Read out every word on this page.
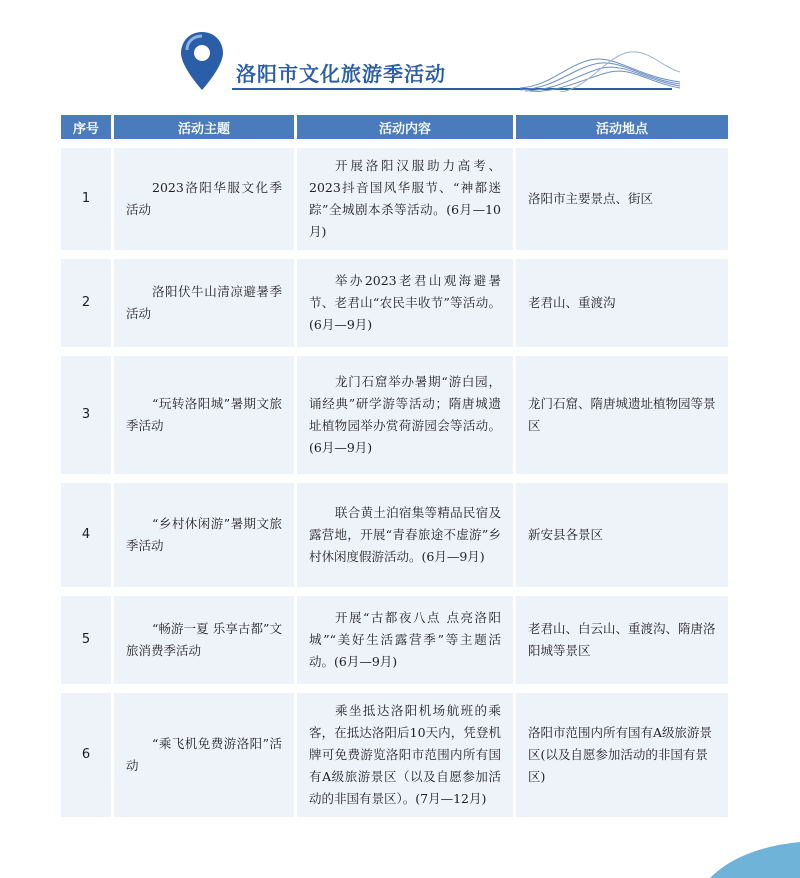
洛阳市文化旅游季活动
序号	活动主题	活动内容	活动地点

1	2023洛阳华服文化季活动	开展洛阳汉服助力高考、2023抖音国风华服节、“神都迷踪”全城剧本杀等活动。(6月—10月)	洛阳市主要景点、街区

2	洛阳伏牛山清凉避暑季活动	举办2023老君山观海避暑节、老君山“农民丰收节”等活动。(6月—9月)	老君山、重渡沟

3	“玩转洛阳城”暑期文旅季活动	龙门石窟举办暑期“游白园，诵经典”研学游等活动；隋唐城遗址植物园举办赏荷游园会等活动。(6月—9月)	龙门石窟、隋唐城遗址植物园等景区

4	“乡村休闲游”暑期文旅季活动	联合黄土泊宿集等精品民宿及露营地，开展“青春旅途不虚游”乡村休闲度假游活动。(6月—9月)	新安县各景区

5	“畅游一夏 乐享古都”文旅消费季活动	开展“古都夜八点 点亮洛阳城”“美好生活露营季”等主题活动。(6月—9月)	老君山、白云山、重渡沟、隋唐洛阳城等景区

6	“乘飞机免费游洛阳”活动	乘坐抵达洛阳机场航班的乘客，在抵达洛阳后10天内，凭登机牌可免费游览洛阳市范围内所有国有A级旅游景区（以及自愿参加活动的非国有景区）。(7月—12月)	洛阳市范围内所有国有A级旅游景区(以及自愿参加活动的非国有景区)
